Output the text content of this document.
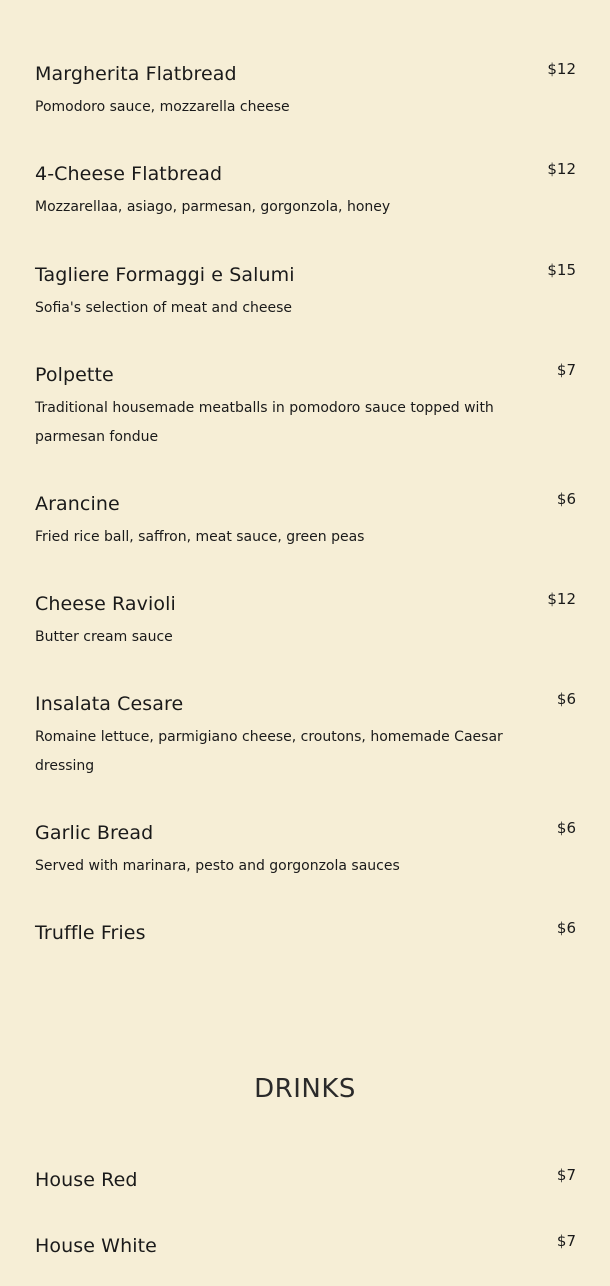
Margherita Flatbread	$12
Pomodoro sauce, mozzarella cheese
4-Cheese Flatbread	$12
Mozzarellaa, asiago, parmesan, gorgonzola, honey
Tagliere Formaggi e Salumi	$15
Sofia's selection of meat and cheese
Polpette	$7
Traditional housemade meatballs in pomodoro sauce topped with parmesan fondue
Arancine	$6
Fried rice ball, saffron, meat sauce, green peas
Cheese Ravioli	$12
Butter cream sauce
Insalata Cesare	$6
Romaine lettuce, parmigiano cheese, croutons, homemade Caesar dressing
Garlic Bread	$6
Served with marinara, pesto and gorgonzola sauces
Truffle Fries	$6
DRINKS
House Red	$7
House White	$7
